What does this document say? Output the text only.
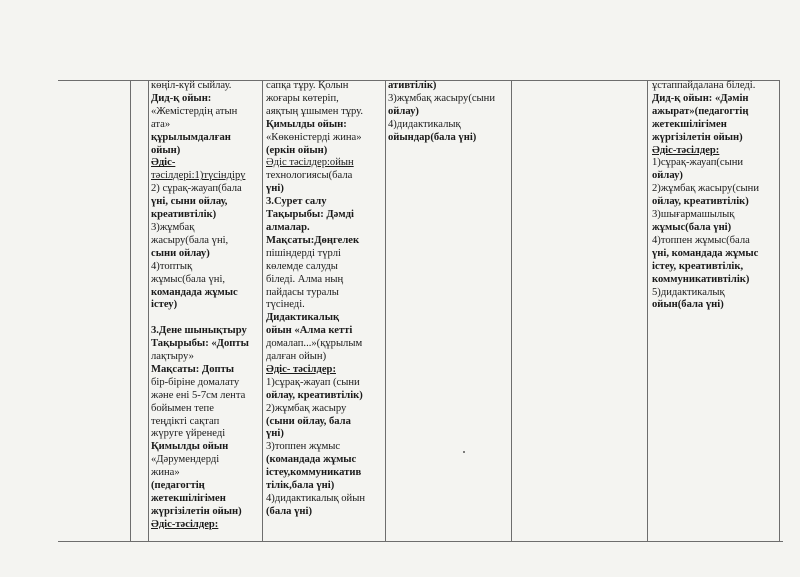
көңіл-күй сыйлау.
Дид-қ ойын:
«Жемістердің атын
ата»
құрылымдалған
ойын)
Әдіс-
тәсілдері:1)түсіндіру
2) сұрақ-жауап(бала
үні, сыни ойлау,
креативтілік)
3)жұмбақ
жасыру(бала үні,
сыни ойлау)
4)топтық
жұмыс(бала үні,
командада жұмыс
істеу)
3.Дене шынықтыру
Тақырыбы: «Допты
лақтыру»
Мақсаты: Допты
бір-біріне домалату
және ені 5-7см лента
бойымен тепе
теңдікті сақтап
жүруге үйренеді
Қимылды ойын
«Дәрумендерді
жина»
(педагогтің
жетекшілігімен
жүргізілетін ойын)
Әдіс-тәсілдер:
сапқа тұру. Қолын
жоғары көтеріп,
аяқтың ұшымен тұру.
Қимылды ойын:
«Көкөністерді жина»
(еркін ойын)
Әдіс тәсілдер:ойын
технологиясы(бала
үні)
3.Сурет салу
Тақырыбы: Дәмді
алмалар.
Мақсаты:Дөңгелек
пішіндерді түрлі
көлемде салуды
біледі. Алма ның
пайдасы туралы
түсінеді.
Дидактикалық
ойын «Алма кетті
домалап...»(құрылым
далған ойын)
Әдіс- тәсілдер:
1)сұрақ-жауап (сыни
ойлау, креативтілік)
2)жұмбақ жасыру
(сыни ойлау, бала
үні)
3)топпен жұмыс
(командада жұмыс
істеу,коммуникатив
тілік,бала үні)
4)дидактикалық ойын
(бала үні)
ативтілік)
3)жұмбақ жасыру(сыни
ойлау)
4)дидактикалық
ойындар(бала үні)
ұстаппайдалана біледі.
Дид-қ ойын: «Дәмін
ажырат»(педагогтің
жетекшілігімен
жүргізілетін ойын)
Әдіс-тәсілдер:
1)сұрақ-жауап(сыни
ойлау)
2)жұмбақ жасыру(сыни
ойлау, креативтілік)
3)шығармашылық
жұмыс(бала үні)
4)топпен жұмыс(бала
үні, командада жұмыс
істеу, креативтілік,
коммуникативтілік)
5)дидактикалық
ойын(бала үні)
